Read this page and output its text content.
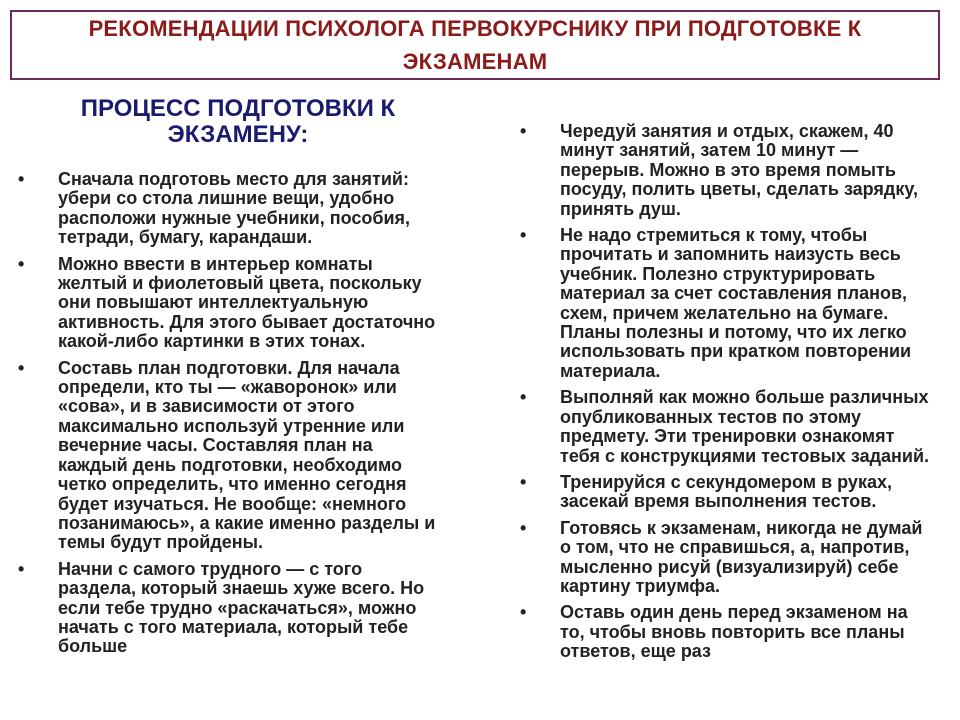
РЕКОМЕНДАЦИИ ПСИХОЛОГА ПЕРВОКУРСНИКУ ПРИ ПОДГОТОВКЕ К ЭКЗАМЕНАМ
ПРОЦЕСС ПОДГОТОВКИ К ЭКЗАМЕНУ:
• Сначала подготовь место для занятий: убери со стола лишние вещи, удобно расположи нужные учебники, пособия, тетради, бумагу, карандаши.
• Можно ввести в интерьер комнаты желтый и фиолетовый цвета, поскольку они повышают интеллектуальную активность. Для этого бывает достаточно какой-либо картинки в этих тонах.
• Составь план подготовки. Для начала определи, кто ты — «жаворонок» или «сова», и в зависимости от этого максимально используй утренние или вечерние часы. Составляя план на каждый день подготовки, необходимо четко определить, что именно сегодня будет изучаться. Не вообще: «немного позанимаюсь», а какие именно разделы и темы будут пройдены.
• Начни с самого трудного — с того раздела, который знаешь хуже всего. Но если тебе трудно «раскачаться», можно начать с того материала, который тебе больше
• Чередуй занятия и отдых, скажем, 40 минут занятий, затем 10 минут — перерыв. Можно в это время помыть посуду, полить цветы, сделать зарядку, принять душ.
• Не надо стремиться к тому, чтобы прочитать и запомнить наизусть весь учебник. Полезно структурировать материал за счет составления планов, схем, причем желательно на бумаге. Планы полезны и потому, что их легко использовать при кратком повторении материала.
• Выполняй как можно больше различных опубликованных тестов по этому предмету. Эти тренировки ознакомят тебя с конструкциями тестовых заданий.
• Тренируйся с секундомером в руках, засекай время выполнения тестов.
• Готовясь к экзаменам, никогда не думай о том, что не справишься, а, напротив, мысленно рисуй (визуализируй) себе картину триумфа.
• Оставь один день перед экзаменом на то, чтобы вновь повторить все планы ответов, еще раз
